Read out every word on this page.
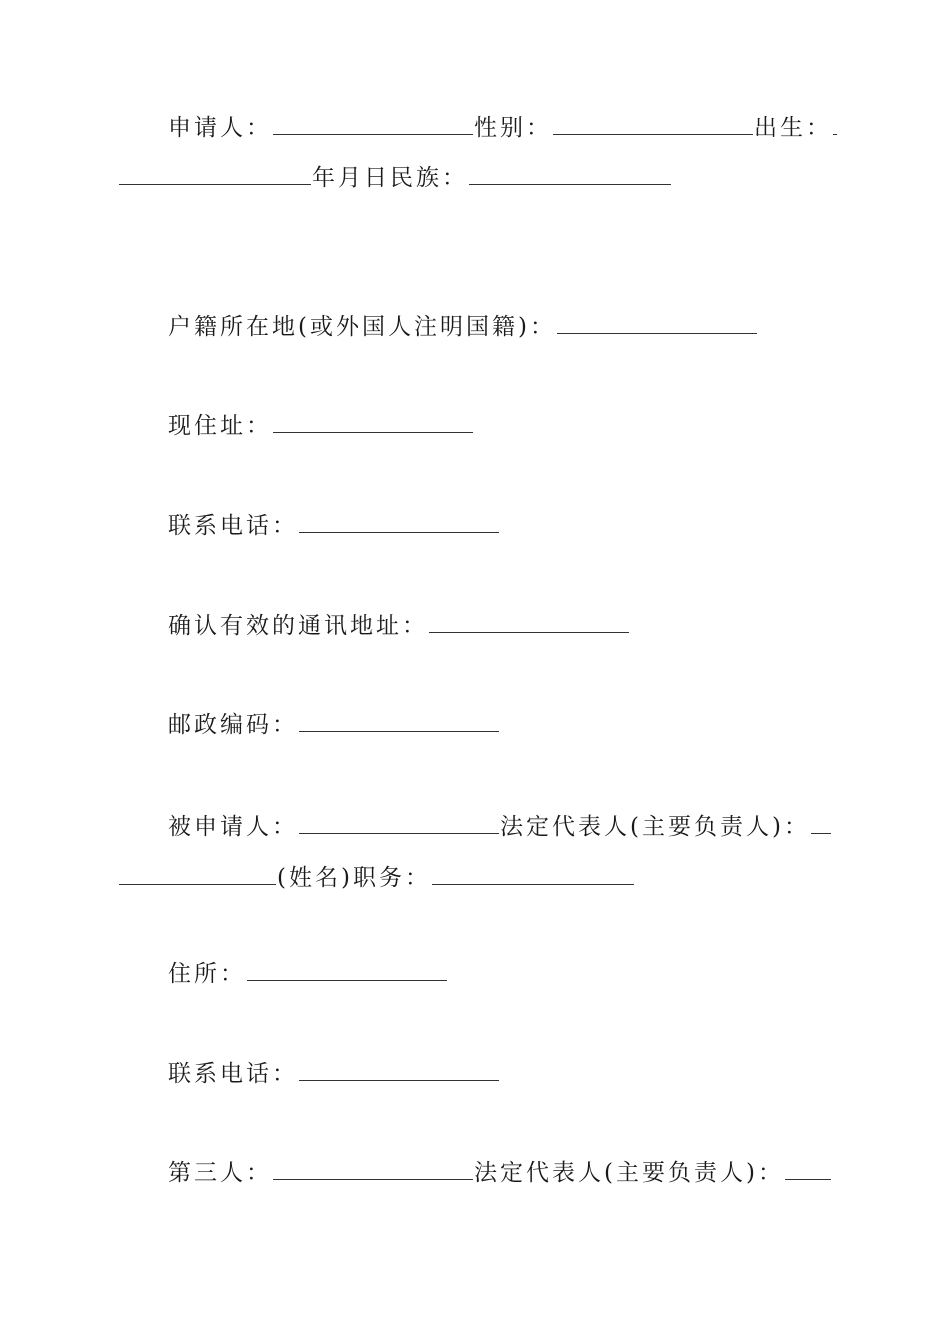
申请人：	性别：	出生：
年月日民族：
户籍所在地(或外国人注明国籍)：
现住址：
联系电话：
确认有效的通讯地址：
邮政编码：
被申请人：	法定代表人(主要负责人)：
(姓名)职务：
住所：
联系电话：
第三人：	法定代表人(主要负责人)：
